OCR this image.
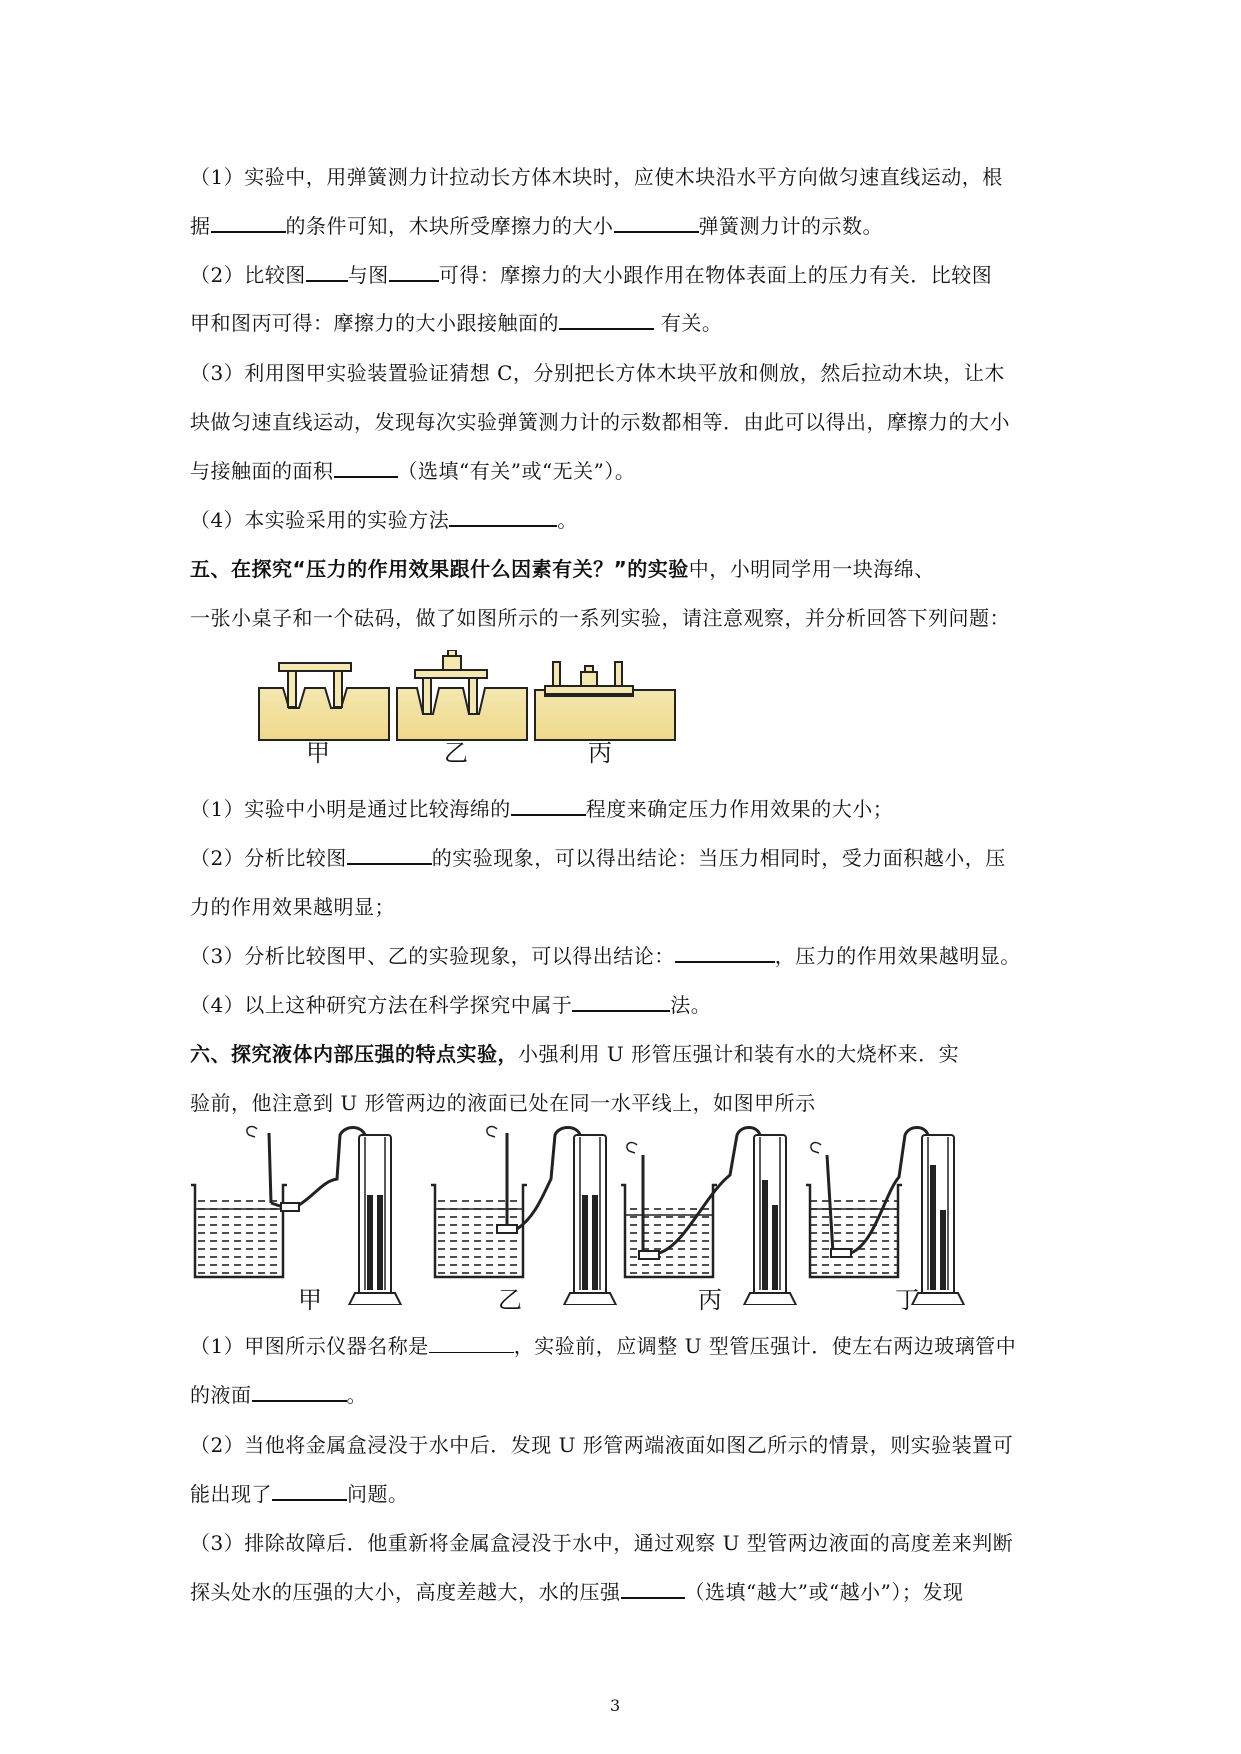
（1）实验中，用弹簧测力计拉动长方体木块时，应使木块沿水平方向做匀速直线运动，根
据	的条件可知，木块所受摩擦力的大小	弹簧测力计的示数。
（2）比较图 与图	可得：摩擦力的大小跟作用在物体表面上的压力有关．比较图
甲和图丙可得：摩擦力的大小跟接触面的	有关。
（3）利用图甲实验装置验证猜想 C，分别把长方体木块平放和侧放，然后拉动木块，让木
块做匀速直线运动，发现每次实验弹簧测力计的示数都相等．由此可以得出，摩擦力的大小
与接触面的面积	（选填“有关”或“无关”）。
（4）本实验采用的实验方法	。
五、在探究“压力的作用效果跟什么因素有关？”的实验中，小明同学用一块海绵、
一张小桌子和一个砝码，做了如图所示的一系列实验，请注意观察，并分析回答下列问题：
甲	乙	丙
（1）实验中小明是通过比较海绵的	程度来确定压力作用效果的大小；
（2）分析比较图	的实验现象，可以得出结论：当压力相同时，受力面积越小，压
力的作用效果越明显；
（3）分析比较图甲、乙的实验现象，可以得出结论：	，压力的作用效果越明显。
（4）以上这种研究方法在科学探究中属于	法。
六、探究液体内部压强的特点实验，小强利用 U 形管压强计和装有水的大烧杯来．实
验前，他注意到 U 形管两边的液面已处在同一水平线上，如图甲所示
甲	乙	丙	丁
（1）甲图所示仪器名称是	，实验前，应调整 U 型管压强计．使左右两边玻璃管中
的液面	。
（2）当他将金属盒浸没于水中后．发现 U 形管两端液面如图乙所示的情景，则实验装置可
能出现了	问题。
（3）排除故障后．他重新将金属盒浸没于水中，通过观察 U 型管两边液面的高度差来判断
探头处水的压强的大小，高度差越大，水的压强	（选填“越大”或“越小”）；发现
3
